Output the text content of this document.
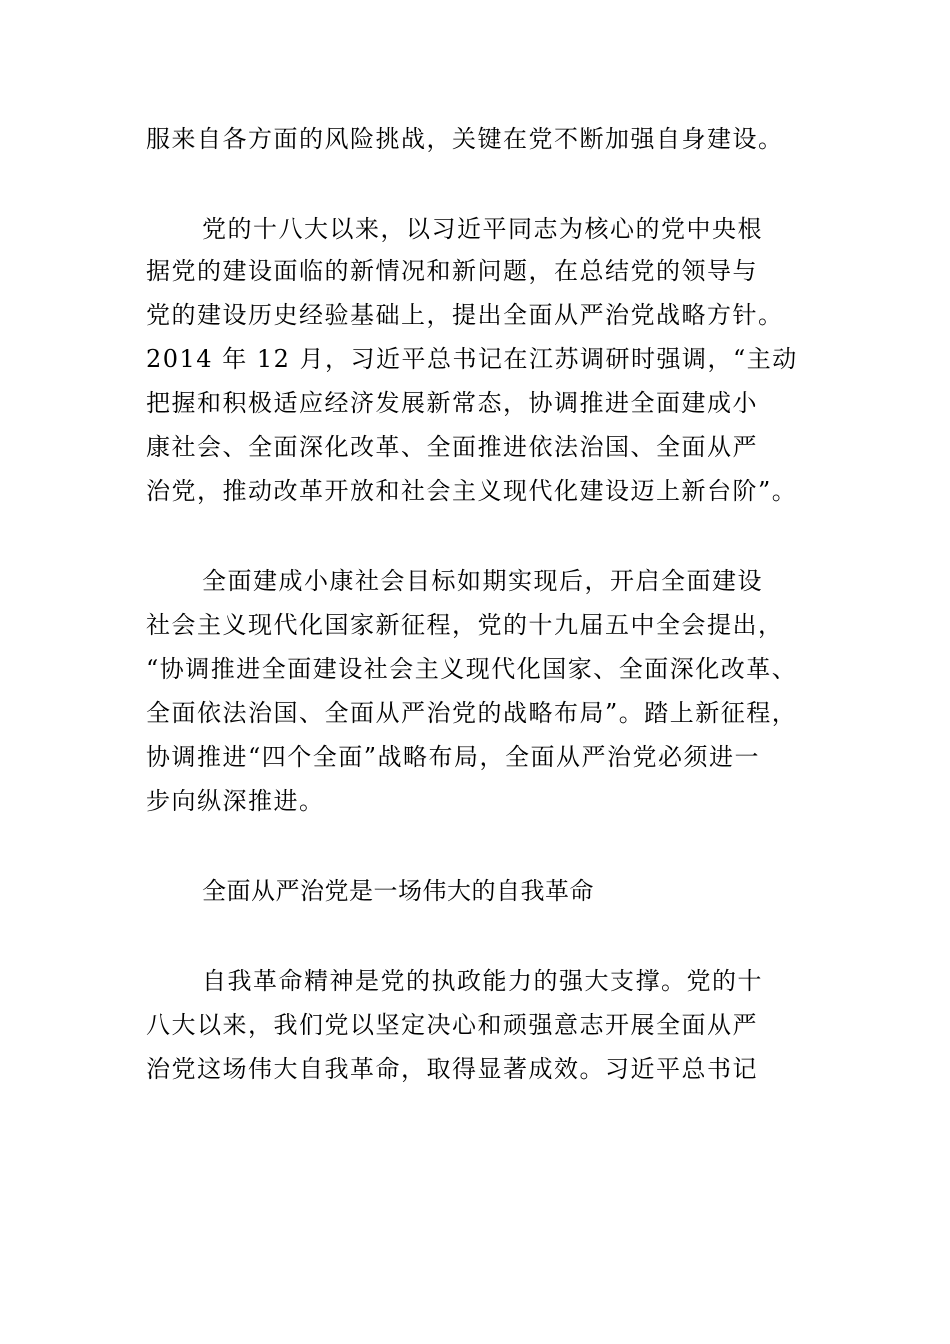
服来自各方面的风险挑战，关键在党不断加强自身建设。
党的十八大以来，以习近平同志为核心的党中央根
据党的建设面临的新情况和新问题，在总结党的领导与
党的建设历史经验基础上，提出全面从严治党战略方针。
2014 年 12 月，习近平总书记在江苏调研时强调，“主动
把握和积极适应经济发展新常态，协调推进全面建成小
康社会、全面深化改革、全面推进依法治国、全面从严
治党，推动改革开放和社会主义现代化建设迈上新台阶”。
全面建成小康社会目标如期实现后，开启全面建设
社会主义现代化国家新征程，党的十九届五中全会提出，
“协调推进全面建设社会主义现代化国家、全面深化改革、
全面依法治国、全面从严治党的战略布局”。踏上新征程，
协调推进“四个全面”战略布局，全面从严治党必须进一
步向纵深推进。
全面从严治党是一场伟大的自我革命
自我革命精神是党的执政能力的强大支撑。党的十
八大以来，我们党以坚定决心和顽强意志开展全面从严
治党这场伟大自我革命，取得显著成效。习近平总书记
